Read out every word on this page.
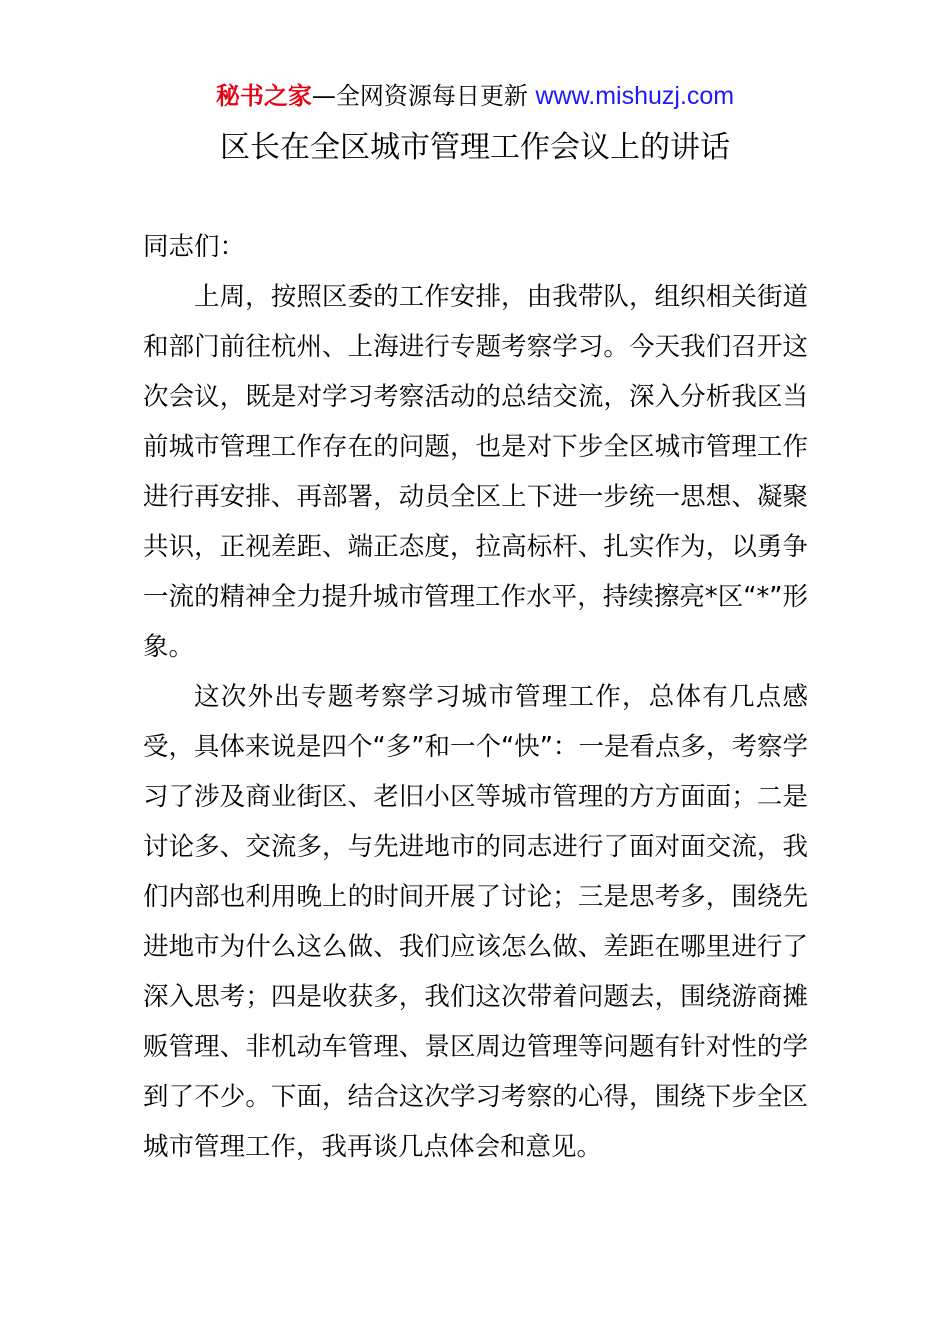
秘书之家—全网资源每日更新 www.mishuzj.com
区长在全区城市管理工作会议上的讲话

同志们：

上周，按照区委的工作安排，由我带队，组织相关街道和部门前往杭州、上海进行专题考察学习。今天我们召开这次会议，既是对学习考察活动的总结交流，深入分析我区当前城市管理工作存在的问题，也是对下步全区城市管理工作进行再安排、再部署，动员全区上下进一步统一思想、凝聚共识，正视差距、端正态度，拉高标杆、扎实作为，以勇争一流的精神全力提升城市管理工作水平，持续擦亮*区“*”形象。

这次外出专题考察学习城市管理工作，总体有几点感受，具体来说是四个“多”和一个“快”：一是看点多，考察学习了涉及商业街区、老旧小区等城市管理的方方面面；二是讨论多、交流多，与先进地市的同志进行了面对面交流，我们内部也利用晚上的时间开展了讨论；三是思考多，围绕先进地市为什么这么做、我们应该怎么做、差距在哪里进行了深入思考；四是收获多，我们这次带着问题去，围绕游商摊贩管理、非机动车管理、景区周边管理等问题有针对性的学到了不少。下面，结合这次学习考察的心得，围绕下步全区城市管理工作，我再谈几点体会和意见。
